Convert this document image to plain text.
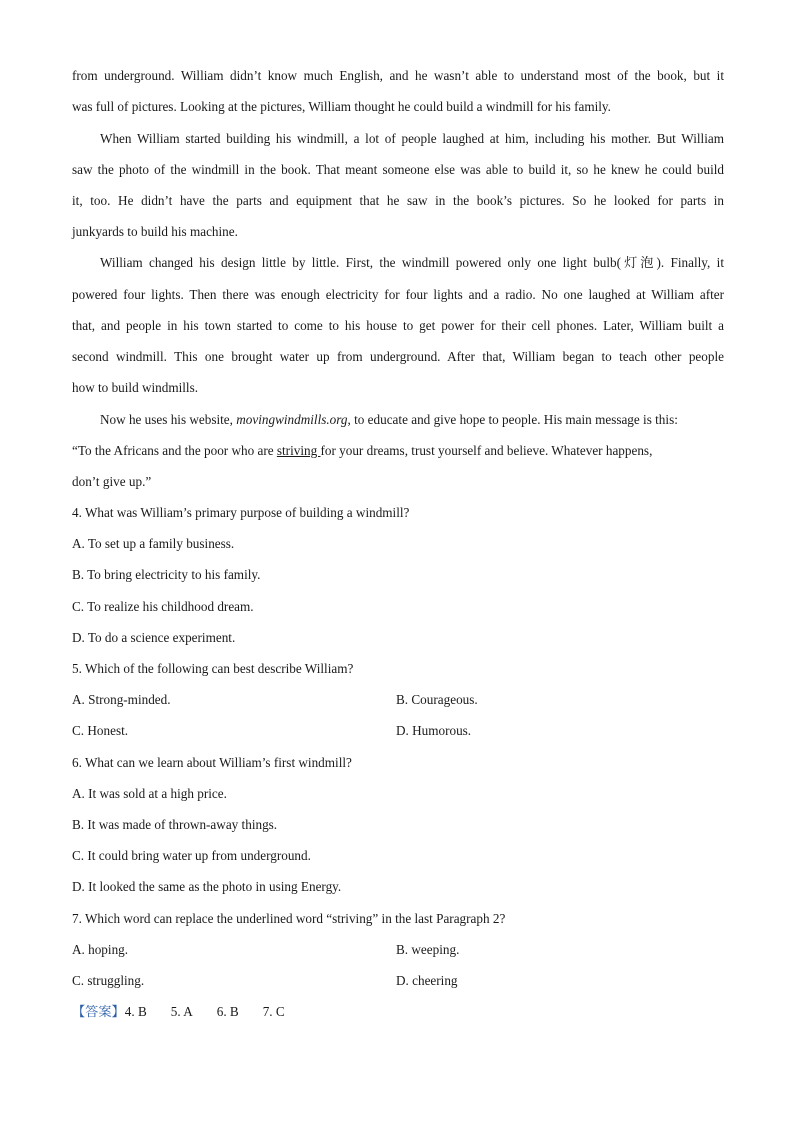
from underground. William didn’t know much English, and he wasn’t able to understand most of the book, but it
was full of pictures. Looking at the pictures, William thought he could build a windmill for his family.
When William started building his windmill, a lot of people laughed at him, including his mother. But William
saw the photo of the windmill in the book. That meant someone else was able to build it, so he knew he could build
it, too. He didn’t have the parts and equipment that he saw in the book’s pictures. So he looked for parts in
junkyards to build his machine.
William changed his design little by little. First, the windmill powered only one light bulb(灯泡). Finally, it
powered four lights. Then there was enough electricity for four lights and a radio. No one laughed at William after
that, and people in his town started to come to his house to get power for their cell phones. Later, William built a
second windmill. This one brought water up from underground. After that, William began to teach other people
how to build windmills.
Now he uses his website, movingwindmills.org, to educate and give hope to people. His main message is this:
“To the Africans and the poor who are striving for your dreams, trust yourself and believe. Whatever happens,
don’t give up.”
4. What was William’s primary purpose of building a windmill?
A. To set up a family business.
B. To bring electricity to his family.
C. To realize his childhood dream.
D. To do a science experiment.
5. Which of the following can best describe William?
A. Strong-minded.	B. Courageous.
C. Honest.	D. Humorous.
6. What can we learn about William’s first windmill?
A. It was sold at a high price.
B. It was made of thrown-away things.
C. It could bring water up from underground.
D. It looked the same as the photo in using Energy.
7. Which word can replace the underlined word “striving” in the last Paragraph 2?
A. hoping.	B. weeping.
C. struggling.	D. cheering
【答案】4. B 5. A 6. B 7. C
